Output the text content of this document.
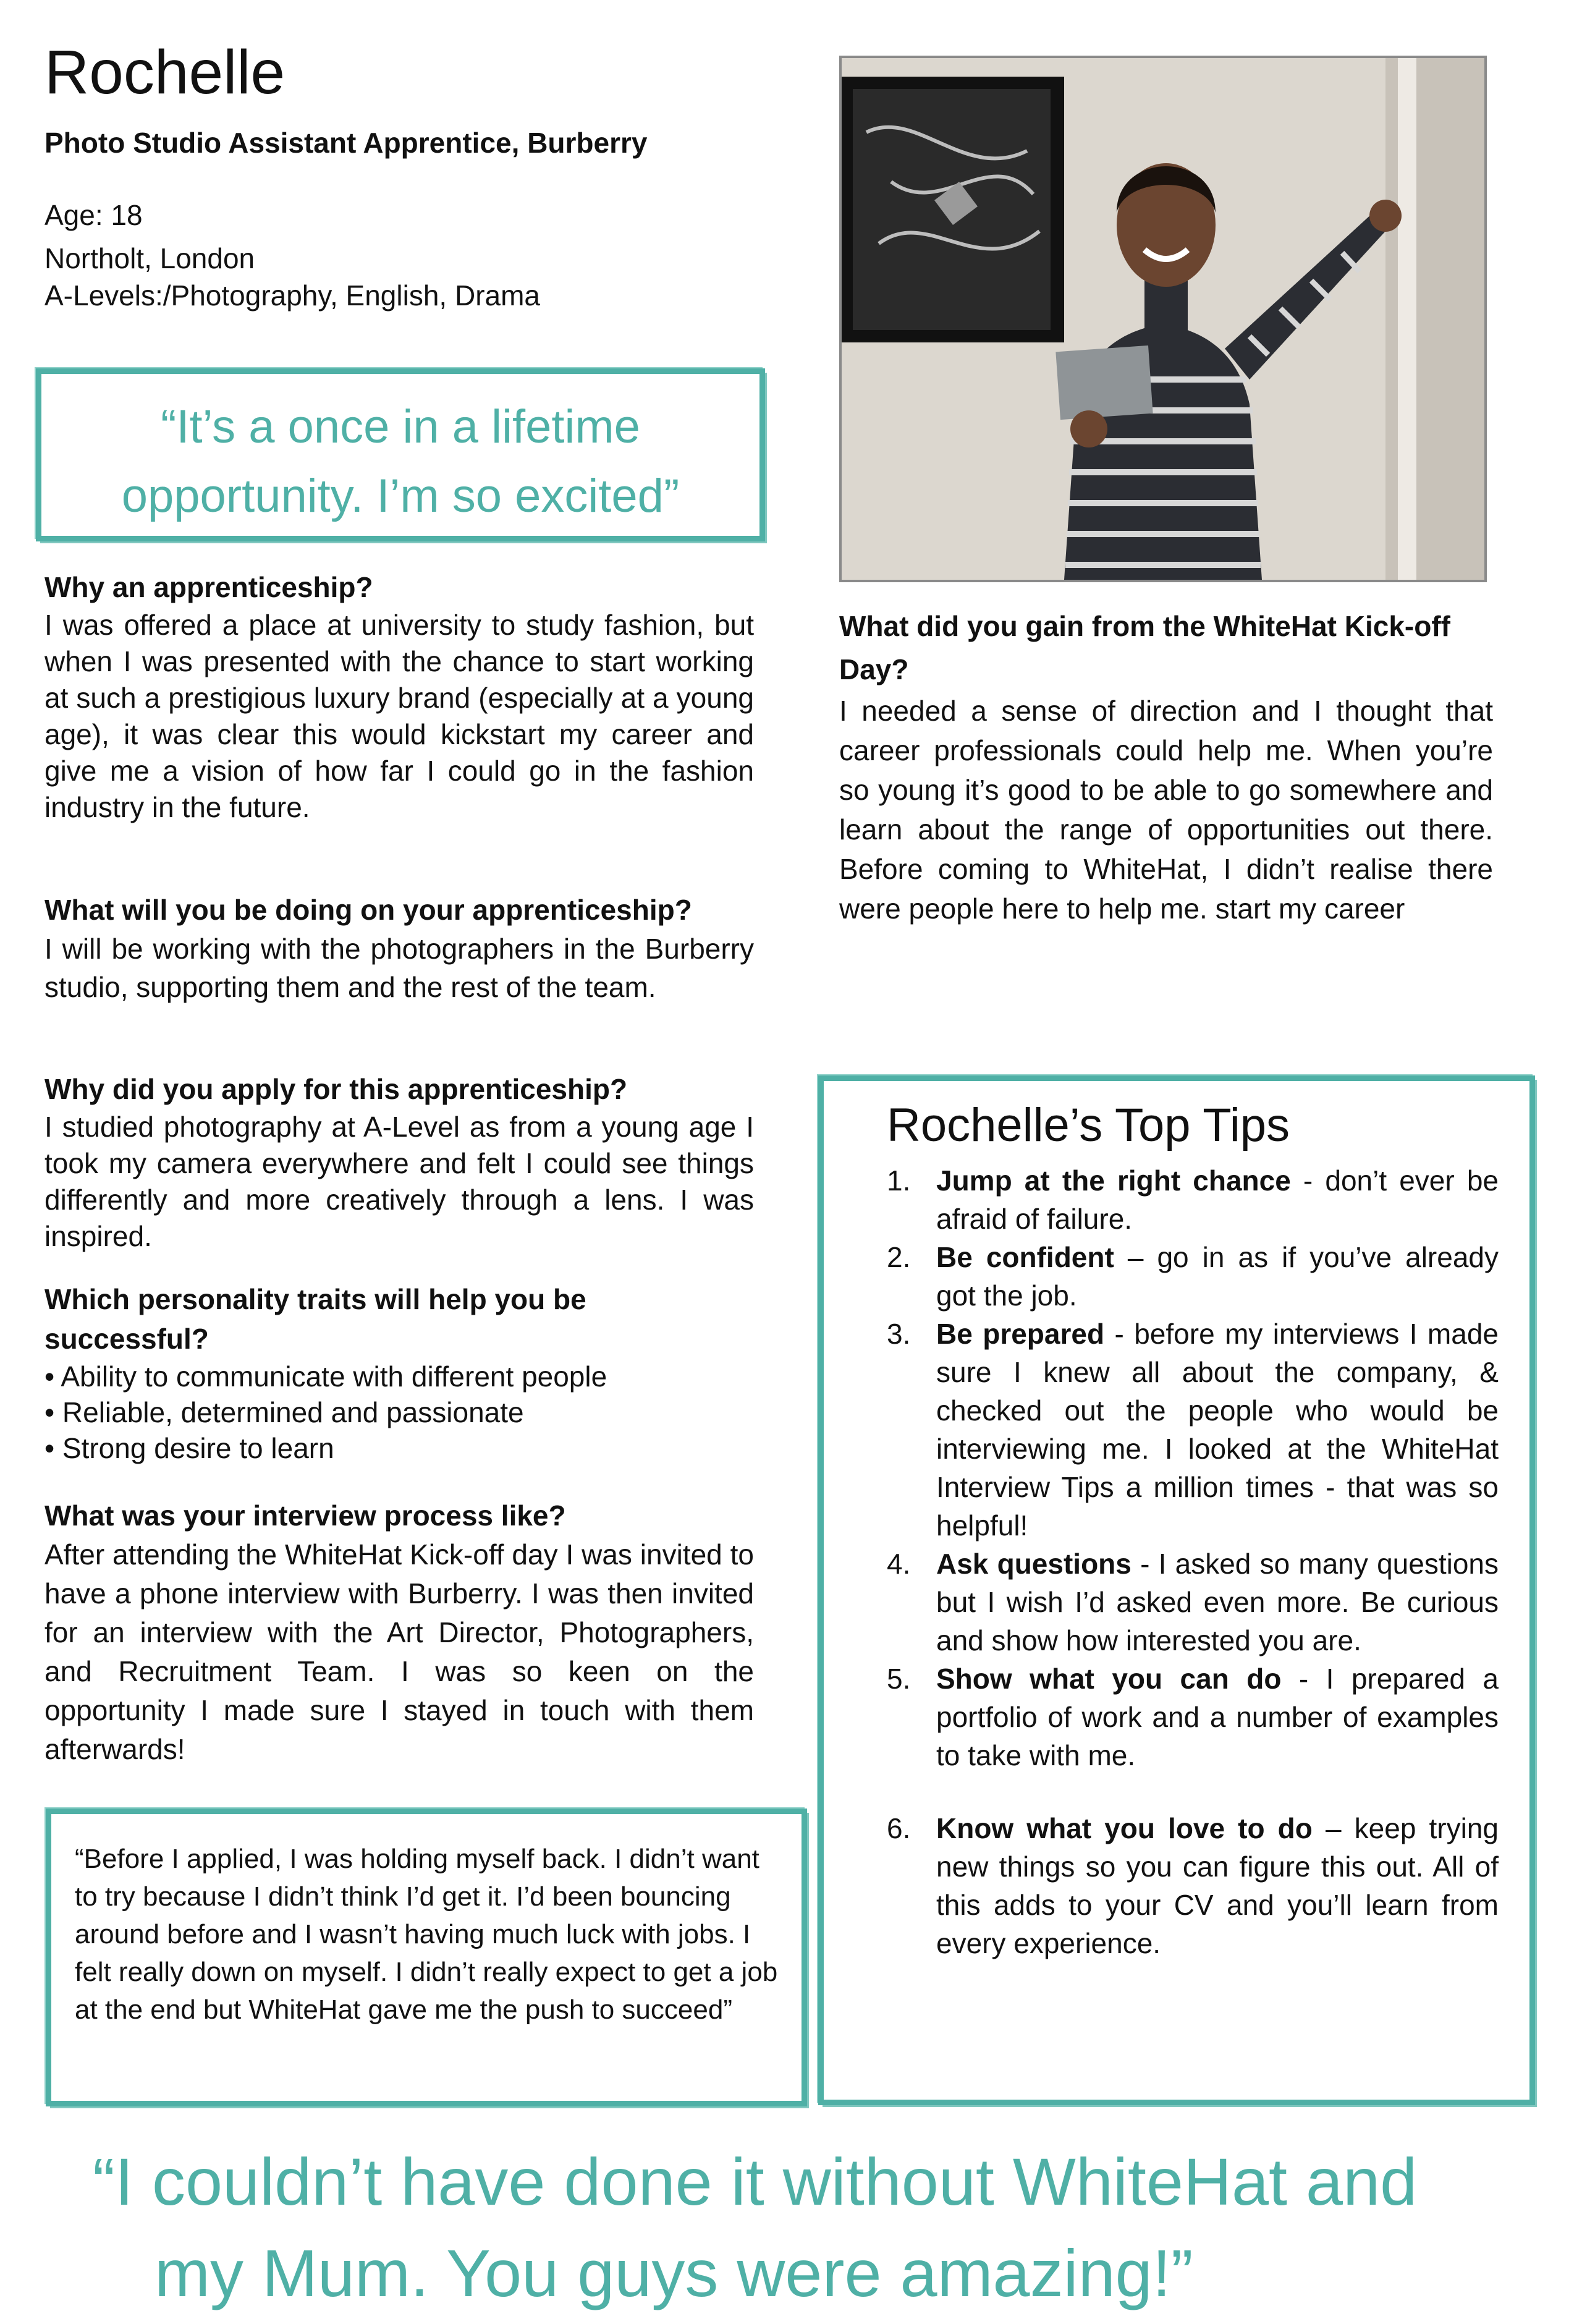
Rochelle
Photo Studio Assistant Apprentice, Burberry
Age: 18
Northolt, London
A-Levels:/Photography, English, Drama
“It’s a once in a lifetime
opportunity. I’m so excited”
Why an apprenticeship?

I was offered a place at university to study fashion, but when I was presented with the chance to start working at such a prestigious luxury brand (especially at a young age), it was clear this would kickstart my career and give me a vision of how far I could go in the fashion industry in the future.

What will you be doing on your apprenticeship?

I will be working with the photographers in the Burberry studio, supporting them and the rest of the team.

Why did you apply for this apprenticeship?

I studied photography at A-Level as from a young age I took my camera everywhere and felt I could see things differently and more creatively through a lens. I was inspired.

Which personality traits will help you be
successful?
• Ability to communicate with different people
• Reliable, determined and passionate
• Strong desire to learn
What was your interview process like?

After attending the WhiteHat Kick-off day I was invited to have a phone interview with Burberry. I was then invited for an interview with the Art Director, Photographers, and Recruitment Team. I was so keen on the opportunity I made sure I stayed in touch with them afterwards!

What did you gain from the WhiteHat Kick-off
Day?

I needed a sense of direction and I thought that career professionals could help me. When you’re so young it’s good to be able to go somewhere and learn about the range of opportunities out there. Before coming to WhiteHat, I didn’t realise there were people here to help me. start my career

“Before I applied, I was holding myself back. I didn’t want to try because I didn’t think I’d get it. I’d been bouncing around before and I wasn’t having much luck with jobs. I felt really down on myself. I didn’t really expect to get a job at the end but WhiteHat gave me the push to succeed”

Rochelle’s Top Tips
1. Jump at the right chance - don’t ever be afraid of failure.
2. Be confident – go in as if you’ve already got the job.
3. Be prepared - before my interviews I made sure I knew all about the company, & checked out the people who would be interviewing me. I looked at the WhiteHat Interview Tips a million times - that was so helpful!
4. Ask questions - I asked so many questions but I wish I’d asked even more. Be curious and show how interested you are.
5. Show what you can do - I prepared a portfolio of work and a number of examples to take with me.
6. Know what you love to do – keep trying new things so you can figure this out. All of this adds to your CV and you’ll learn from every experience.
“I couldn’t have done it without WhiteHat and
my Mum. You guys were amazing!”
